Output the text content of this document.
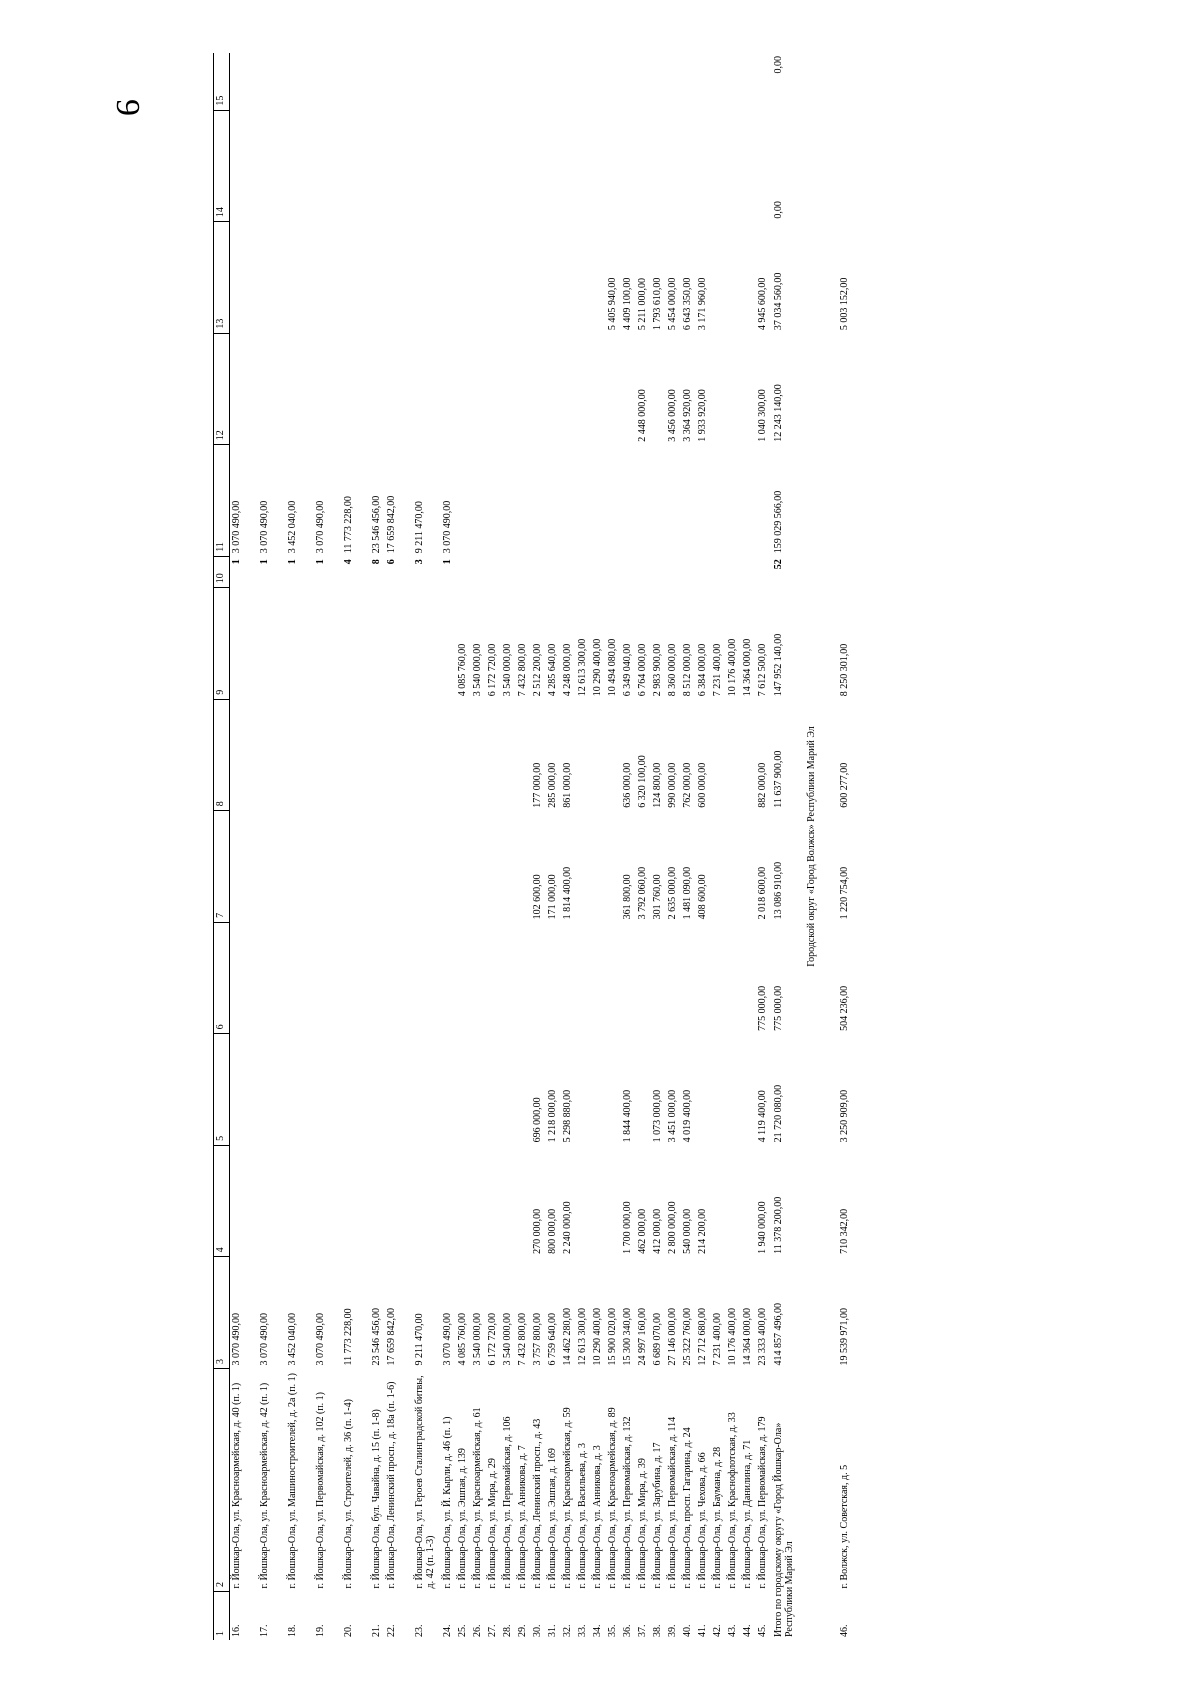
9
1	2	3	4	5	6	7	8	9	10	11	12	13	14	15
16.	г. Йошкар-Ола, ул. Красноармейская, д. 40 (п. 1)	3 070 490,00							1	3 070 490,00				
17.	г. Йошкар-Ола, ул. Красноармейская, д. 42 (п. 1)	3 070 490,00							1	3 070 490,00				
18.	г. Йошкар-Ола, ул. Машиностроителей, д. 2а (п. 1)	3 452 040,00							1	3 452 040,00				
19.	г. Йошкар-Ола, ул. Первомайская, д. 102 (п. 1)	3 070 490,00							1	3 070 490,00				
20.	г. Йошкар-Ола, ул. Строителей, д. 36 (п. 1-4)	11 773 228,00							4	11 773 228,00				
21.	г. Йошкар-Ола, бул. Чавайна, д. 15 (п. 1-8)	23 546 456,00							8	23 546 456,00				
22.	г. Йошкар-Ола, Ленинский просп., д. 18а (п. 1-6)	17 659 842,00							6	17 659 842,00				
23.	г. Йошкар-Ола, ул. Героев Сталинградской битвы, д. 42 (п. 1-3)	9 211 470,00							3	9 211 470,00				
24.	г. Йошкар-Ола, ул. Й. Кырли, д. 46 (п. 1)	3 070 490,00							1	3 070 490,00				
25.	г. Йошкар-Ола, ул. Эшпая, д. 139	4 085 760,00						4 085 760,00						
26.	г. Йошкар-Ола, ул. Красноармейская, д. 61	3 540 000,00						3 540 000,00						
27.	г. Йошкар-Ола, ул. Мира, д. 29	6 172 720,00						6 172 720,00						
28.	г. Йошкар-Ола, ул. Первомайская, д. 106	3 540 000,00						3 540 000,00						
29.	г. Йошкар-Ола, ул. Анникова, д. 7	7 432 800,00						7 432 800,00						
30.	г. Йошкар-Ола, Ленинский просп., д. 43	3 757 800,00	270 000,00	696 000,00		102 600,00	177 000,00	2 512 200,00						
31.	г. Йошкар-Ола, ул. Эшпая, д. 169	6 759 640,00	800 000,00	1 218 000,00		171 000,00	285 000,00	4 285 640,00						
32.	г. Йошкар-Ола, ул. Красноармейская, д. 59	14 462 280,00	2 240 000,00	5 298 880,00		1 814 400,00	861 000,00	4 248 000,00						
33.	г. Йошкар-Ола, ул. Васильева, д. 3	12 613 300,00						12 613 300,00						
34.	г. Йошкар-Ола, ул. Анникова, д. 3	10 290 400,00						10 290 400,00						
35.	г. Йошкар-Ола, ул. Красноармейская, д. 89	15 900 020,00						10 494 080,00				5 405 940,00		
36.	г. Йошкар-Ола, ул. Первомайская, д. 132	15 300 340,00	1 700 000,00	1 844 400,00		361 800,00	636 000,00	6 349 040,00				4 409 100,00		
37.	г. Йошкар-Ола, ул. Мира, д. 39	24 997 160,00	462 000,00			3 792 060,00	6 320 100,00	6 764 000,00			2 448 000,00	5 211 000,00		
38.	г. Йошкар-Ола, ул. Зарубина, д. 17	6 689 070,00	412 000,00	1 073 000,00		301 760,00	124 800,00	2 983 900,00				1 793 610,00		
39.	г. Йошкар-Ола, ул. Первомайская, д. 114	27 146 000,00	2 800 000,00	3 451 000,00		2 635 000,00	990 000,00	8 360 000,00			3 456 000,00	5 454 000,00		
40.	г. Йошкар-Ола, просп. Гагарина, д. 24	25 322 760,00	540 000,00	4 019 400,00		1 481 090,00	762 000,00	8 512 000,00			3 364 920,00	6 643 350,00		
41.	г. Йошкар-Ола, ул. Чехова, д. 66	12 712 680,00	214 200,00			408 600,00	600 000,00	6 384 000,00			1 933 920,00	3 171 960,00		
42.	г. Йошкар-Ола, ул. Баумана, д. 28	7 231 400,00						7 231 400,00						
43.	г. Йошкар-Ола, ул. Краснофлотская, д. 33	10 176 400,00						10 176 400,00						
44.	г. Йошкар-Ола, ул. Данилина, д. 71	14 364 000,00						14 364 000,00						
45.	г. Йошкар-Ола, ул. Первомайская, д. 179	23 333 400,00	1 940 000,00	4 119 400,00	775 000,00	2 018 600,00	882 000,00	7 612 500,00			1 040 300,00	4 945 600,00		
Итого по городскому округу «Город Йошкар-Ола» Республики Марий Эл		414 857 496,00	11 378 200,00	21 720 080,00	775 000,00	13 086 910,00	11 637 900,00	147 952 140,00	52	159 029 566,00	12 243 140,00	37 034 560,00	0,00	0,00
Городской округ «Город Волжск» Республики Марий Эл														
46.	г. Волжск, ул. Советская, д. 5	19 539 971,00	710 342,00	3 250 909,00	504 236,00	1 220 754,00	600 277,00	8 250 301,00				5 003 152,00		
